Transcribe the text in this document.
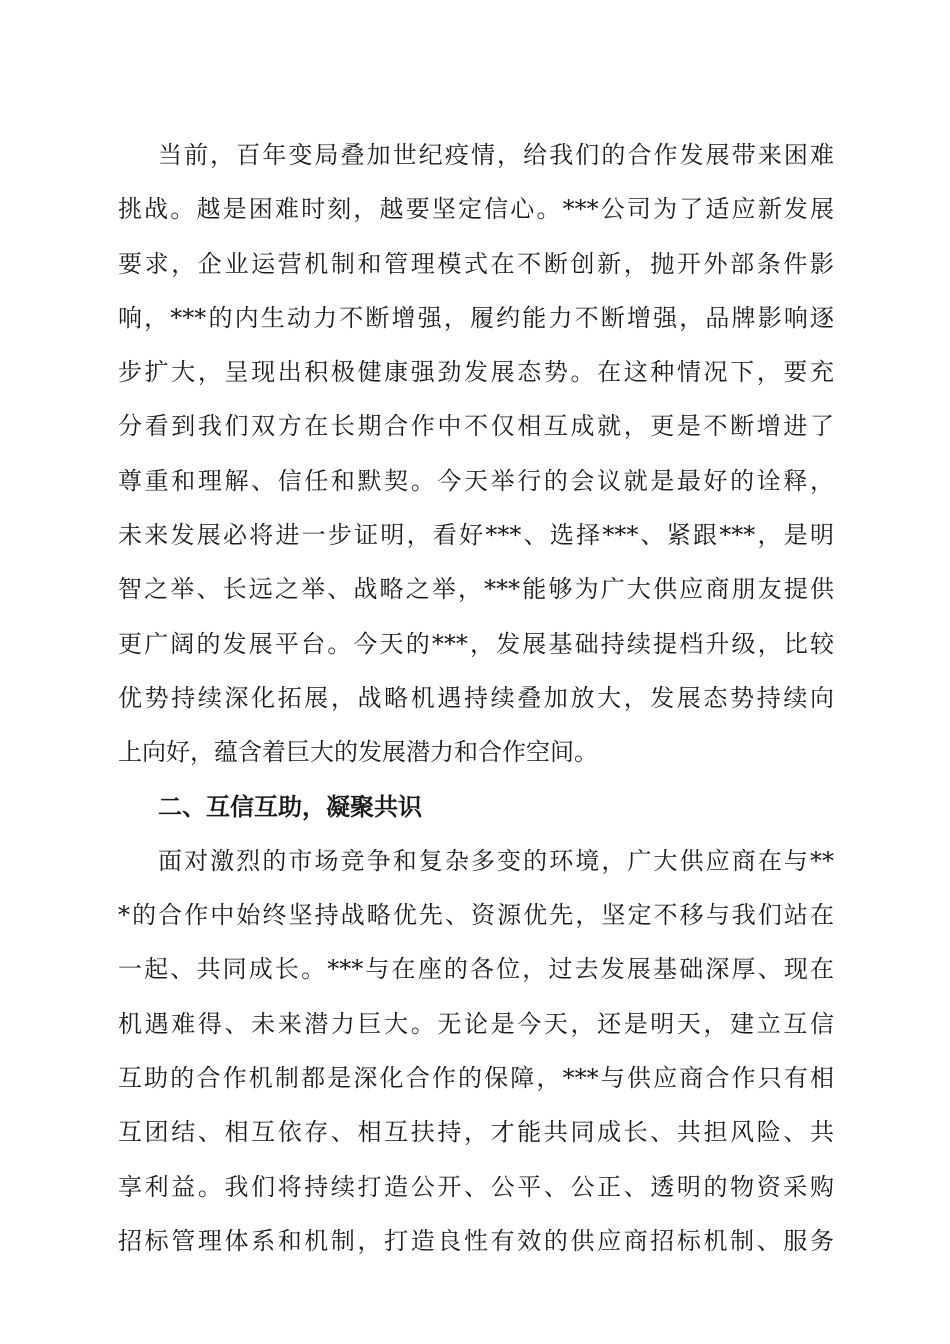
当前，百年变局叠加世纪疫情，给我们的合作发展带来困难
挑战。越是困难时刻，越要坚定信心。***公司为了适应新发展
要求，企业运营机制和管理模式在不断创新，抛开外部条件影
响，***的内生动力不断增强，履约能力不断增强，品牌影响逐
步扩大，呈现出积极健康强劲发展态势。在这种情况下，要充
分看到我们双方在长期合作中不仅相互成就，更是不断增进了
尊重和理解、信任和默契。今天举行的会议就是最好的诠释，
未来发展必将进一步证明，看好***、选择***、紧跟***，是明
智之举、长远之举、战略之举，***能够为广大供应商朋友提供
更广阔的发展平台。今天的***，发展基础持续提档升级，比较
优势持续深化拓展，战略机遇持续叠加放大，发展态势持续向
上向好，蕴含着巨大的发展潜力和合作空间。
二、互信互助，凝聚共识
面对激烈的市场竞争和复杂多变的环境，广大供应商在与**
*的合作中始终坚持战略优先、资源优先，坚定不移与我们站在
一起、共同成长。***与在座的各位，过去发展基础深厚、现在
机遇难得、未来潜力巨大。无论是今天，还是明天，建立互信
互助的合作机制都是深化合作的保障，***与供应商合作只有相
互团结、相互依存、相互扶持，才能共同成长、共担风险、共
享利益。我们将持续打造公开、公平、公正、透明的物资采购
招标管理体系和机制，打造良性有效的供应商招标机制、服务
